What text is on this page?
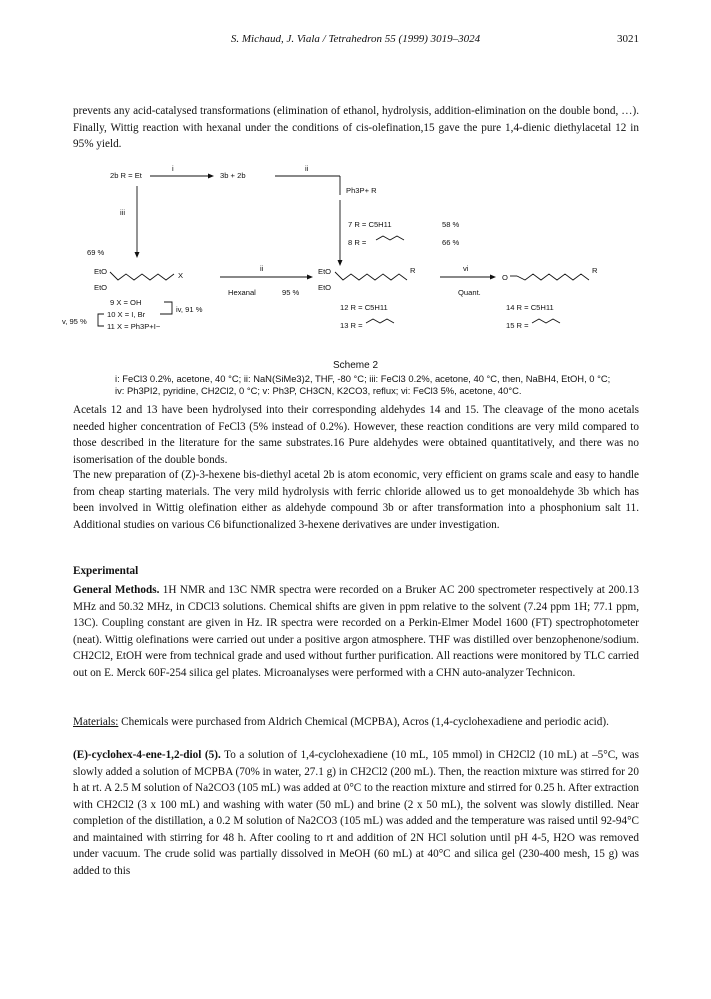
S. Michaud, J. Viala / Tetrahedron 55 (1999) 3019–3024	3021

prevents any acid-catalysed transformations (elimination of ethanol, hydrolysis, addition-elimination on the double bond, …). Finally, Wittig reaction with hexanal under the conditions of cis-olefination,15 gave the pure 1,4-dienic diethylacetal 12 in 95% yield.

2b R = Et
i
3b + 2b
ii
Ph3P+ R
iii
69 %
7 R = C5H11	58 %
8 R =	66 %
EtO
EtO
X
ii
Hexanal	95 %
EtO
EtO
R	vi
Quant.
O
R
9 X = OH
10 X = I, Br
11 X = Ph3P+I−
iv, 91 %
v, 95 %
12 R = C5H11
13 R =
14 R = C5H11
15 R =
Scheme 2
i: FeCl3 0.2%, acetone, 40 °C; ii: NaN(SiMe3)2, THF, -80 °C; iii: FeCl3 0.2%, acetone, 40 °C, then, NaBH4, EtOH, 0 °C;
iv: Ph3PI2, pyridine, CH2Cl2, 0 °C; v: Ph3P, CH3CN, K2CO3, reflux; vi: FeCl3 5%, acetone, 40°C.

Acetals 12 and 13 have been hydrolysed into their corresponding aldehydes 14 and 15. The cleavage of the mono acetals needed higher concentration of FeCl3 (5% instead of 0.2%). However, these reaction conditions are very mild compared to those described in the literature for the same substrates.16 Pure aldehydes were obtained quantitatively, and there was no isomerisation of the double bonds.

The new preparation of (Z)-3-hexene bis-diethyl acetal 2b is atom economic, very efficient on grams scale and easy to handle from cheap starting materials. The very mild hydrolysis with ferric chloride allowed us to get monoaldehyde 3b which has been involved in Wittig olefination either as aldehyde compound 3b or after transformation into a phosphonium salt 11. Additional studies on various C6 bifunctionalized 3-hexene derivatives are under investigation.

Experimental

General Methods. 1H NMR and 13C NMR spectra were recorded on a Bruker AC 200 spectrometer respectively at 200.13 MHz and 50.32 MHz, in CDCl3 solutions. Chemical shifts are given in ppm relative to the solvent (7.24 ppm 1H; 77.1 ppm, 13C). Coupling constant are given in Hz. IR spectra were recorded on a Perkin-Elmer Model 1600 (FT) spectrophotometer (neat). Wittig olefinations were carried out under a positive argon atmosphere. THF was distilled over benzophenone/sodium. CH2Cl2, EtOH were from technical grade and used without further purification. All reactions were monitored by TLC carried out on E. Merck 60F-254 silica gel plates. Microanalyses were performed with a CHN auto-analyzer Technicon.

Materials: Chemicals were purchased from Aldrich Chemical (MCPBA), Acros (1,4-cyclohexadiene and periodic acid).

(E)-cyclohex-4-ene-1,2-diol (5). To a solution of 1,4-cyclohexadiene (10 mL, 105 mmol) in CH2Cl2 (10 mL) at –5°C, was slowly added a solution of MCPBA (70% in water, 27.1 g) in CH2Cl2 (200 mL). Then, the reaction mixture was stirred for 20 h at rt. A 2.5 M solution of Na2CO3 (105 mL) was added at 0°C to the reaction mixture and stirred for 0.25 h. After extraction with CH2Cl2 (3 x 100 mL) and washing with water (50 mL) and brine (2 x 50 mL), the solvent was slowly distilled. Near completion of the distillation, a 0.2 M solution of Na2CO3 (105 mL) was added and the temperature was raised until 92-94°C and maintained with stirring for 48 h. After cooling to rt and addition of 2N HCl solution until pH 4-5, H2O was removed under vacuum. The crude solid was partially dissolved in MeOH (60 mL) at 40°C and silica gel (230-400 mesh, 15 g) was added to this
